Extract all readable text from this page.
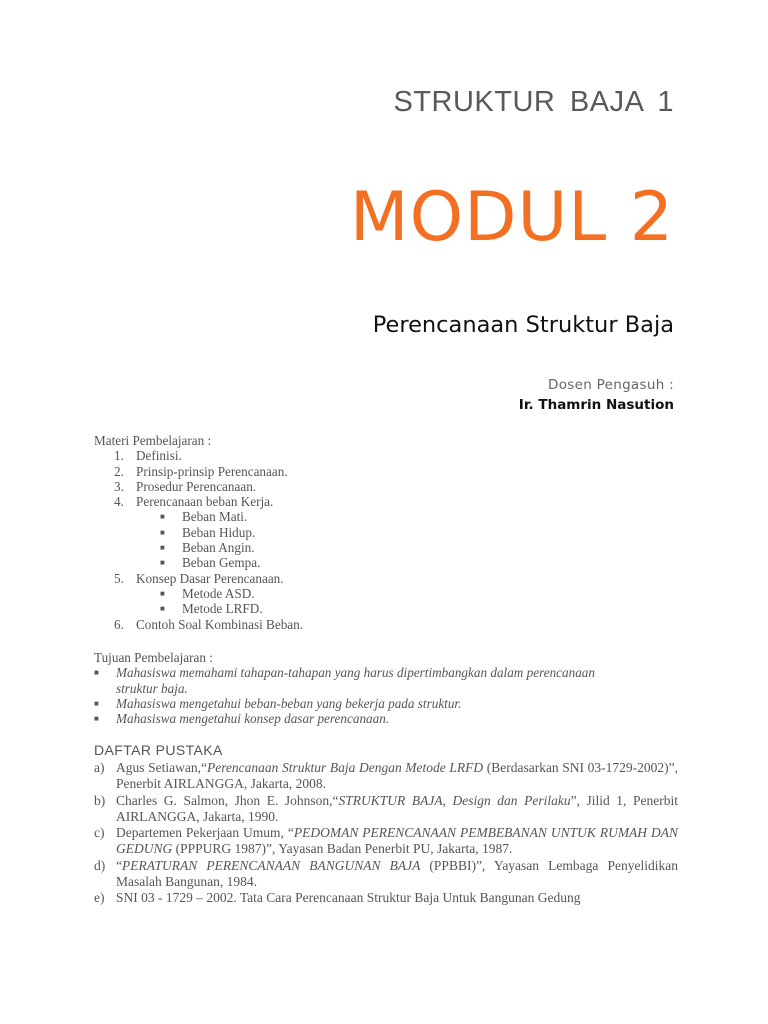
STRUKTUR BAJA 1
MODUL 2
Perencanaan Struktur Baja
Dosen Pengasuh :
Ir. Thamrin Nasution
Materi Pembelajaran :
1. Definisi.
2. Prinsip-prinsip Perencanaan.
3. Prosedur Perencanaan.
4. Perencanaan beban Kerja.
■ Beban Mati.
■ Beban Hidup.
■ Beban Angin.
■ Beban Gempa.
5. Konsep Dasar Perencanaan.
■ Metode ASD.
■ Metode LRFD.
6. Contoh Soal Kombinasi Beban.
Tujuan Pembelajaran :
■ Mahasiswa memahami tahapan-tahapan yang harus dipertimbangkan dalam perencanaan
struktur baja.
■ Mahasiswa mengetahui beban-beban yang bekerja pada struktur.
■ Mahasiswa mengetahui konsep dasar perencanaan.
DAFTAR PUSTAKA
a) Agus Setiawan,“Perencanaan Struktur Baja Dengan Metode LRFD (Berdasarkan SNI 03-1729-2002)”, Penerbit AIRLANGGA, Jakarta, 2008.
b) Charles G. Salmon, Jhon E. Johnson,“STRUKTUR BAJA, Design dan Perilaku”, Jilid 1, Penerbit AIRLANGGA, Jakarta, 1990.
c) Departemen Pekerjaan Umum, “PEDOMAN PERENCANAAN PEMBEBANAN UNTUK RUMAH DAN GEDUNG (PPPURG 1987)”, Yayasan Badan Penerbit PU, Jakarta, 1987.
d) “PERATURAN PERENCANAAN BANGUNAN BAJA (PPBBI)”, Yayasan Lembaga Penyelidikan Masalah Bangunan, 1984.
e) SNI 03 - 1729 – 2002. Tata Cara Perencanaan Struktur Baja Untuk Bangunan Gedung
